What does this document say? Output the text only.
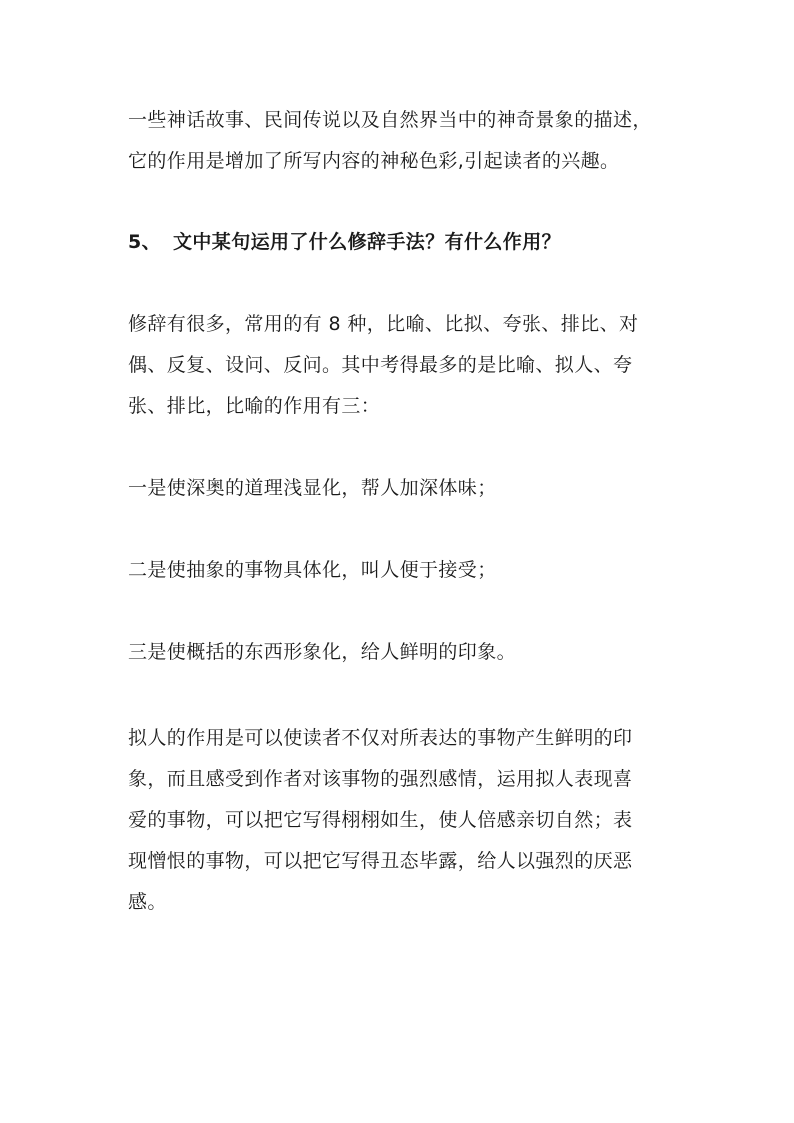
一些神话故事、民间传说以及自然界当中的神奇景象的描述，
它的作用是增加了所写内容的神秘色彩,引起读者的兴趣。

5、 文中某句运用了什么修辞手法？有什么作用？

修辞有很多，常用的有 8 种，比喻、比拟、夸张、排比、对
偶、反复、设问、反问。其中考得最多的是比喻、拟人、夸
张、排比，比喻的作用有三：

一是使深奥的道理浅显化，帮人加深体味；

二是使抽象的事物具体化，叫人便于接受；

三是使概括的东西形象化，给人鲜明的印象。

拟人的作用是可以使读者不仅对所表达的事物产生鲜明的印
象，而且感受到作者对该事物的强烈感情，运用拟人表现喜
爱的事物，可以把它写得栩栩如生，使人倍感亲切自然；表
现憎恨的事物，可以把它写得丑态毕露，给人以强烈的厌恶
感。
